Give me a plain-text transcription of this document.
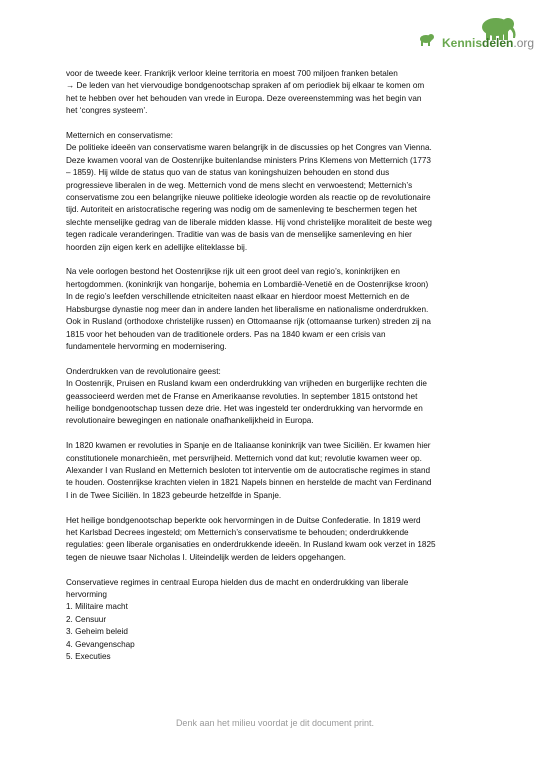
Kennisdelen.org

voor de tweede keer. Frankrijk verloor kleine territoria en moest 700 miljoen franken betalen
→ De leden van het viervoudige bondgenootschap spraken af om periodiek bij elkaar te komen om
het te hebben over het behouden van vrede in Europa. Deze overeenstemming was het begin van
het ‘congres systeem’.

Metternich en conservatisme:
De politieke ideeën van conservatisme waren belangrijk in de discussies op het Congres van Vienna.
Deze kwamen vooral van de Oostenrijke buitenlandse ministers Prins Klemens von Metternich (1773
– 1859). Hij wilde de status quo van de status van koningshuizen behouden en stond dus
progressieve liberalen in de weg. Metternich vond de mens slecht en verwoestend; Metternich’s
conservatisme zou een belangrijke nieuwe politieke ideologie worden als reactie op de revolutionaire
tijd. Autoriteit en aristocratische regering was nodig om de samenleving te beschermen tegen het
slechte menselijke gedrag van de liberale midden klasse. Hij vond christelijke moraliteit de beste weg
tegen radicale veranderingen. Traditie van was de basis van de menselijke samenleving en hier
hoorden zijn eigen kerk en adellijke eliteklasse bij.

Na vele oorlogen bestond het Oostenrijkse rijk uit een groot deel van regio’s, koninkrijken en
hertogdommen. (koninkrijk van hongarije, bohemia en Lombardië-Venetië en de Oostenrijkse kroon)
In de regio’s leefden verschillende etniciteiten naast elkaar en hierdoor moest Metternich en de
Habsburgse dynastie nog meer dan in andere landen het liberalisme en nationalisme onderdrukken.
Ook in Rusland (orthodoxe christelijke russen) en Ottomaanse rijk (ottomaanse turken) streden zij na
1815 voor het behouden van de traditionele orders. Pas na 1840 kwam er een crisis van
fundamentele hervorming en modernisering.

Onderdrukken van de revolutionaire geest:
In Oostenrijk, Pruisen en Rusland kwam een onderdrukking van vrijheden en burgerlijke rechten die
geassocieerd werden met de Franse en Amerikaanse revoluties. In september 1815 ontstond het
heilige bondgenootschap tussen deze drie. Het was ingesteld ter onderdrukking van hervormde en
revolutionaire bewegingen en nationale onafhankelijkheid in Europa.

In 1820 kwamen er revoluties in Spanje en de Italiaanse koninkrijk van twee Siciliën. Er kwamen hier
constitutionele monarchieën, met persvrijheid. Metternich vond dat kut; revolutie kwamen weer op.
Alexander I van Rusland en Metternich besloten tot interventie om de autocratische regimes in stand
te houden. Oostenrijkse krachten vielen in 1821 Napels binnen en herstelde de macht van Ferdinand
I in de Twee Siciliën. In 1823 gebeurde hetzelfde in Spanje.

Het heilige bondgenootschap beperkte ook hervormingen in de Duitse Confederatie. In 1819 werd
het Karlsbad Decrees ingesteld; om Metternich’s conservatisme te behouden; onderdrukkende
regulaties: geen liberale organisaties en onderdrukkende ideeën. In Rusland kwam ook verzet in 1825
tegen de nieuwe tsaar Nicholas I. Uiteindelijk werden de leiders opgehangen.

Conservatieve regimes in centraal Europa hielden dus de macht en onderdrukking van liberale
hervorming
1. Militaire macht
2. Censuur
3. Geheim beleid
4. Gevangenschap
5. Executies
Denk aan het milieu voordat je dit document print.
